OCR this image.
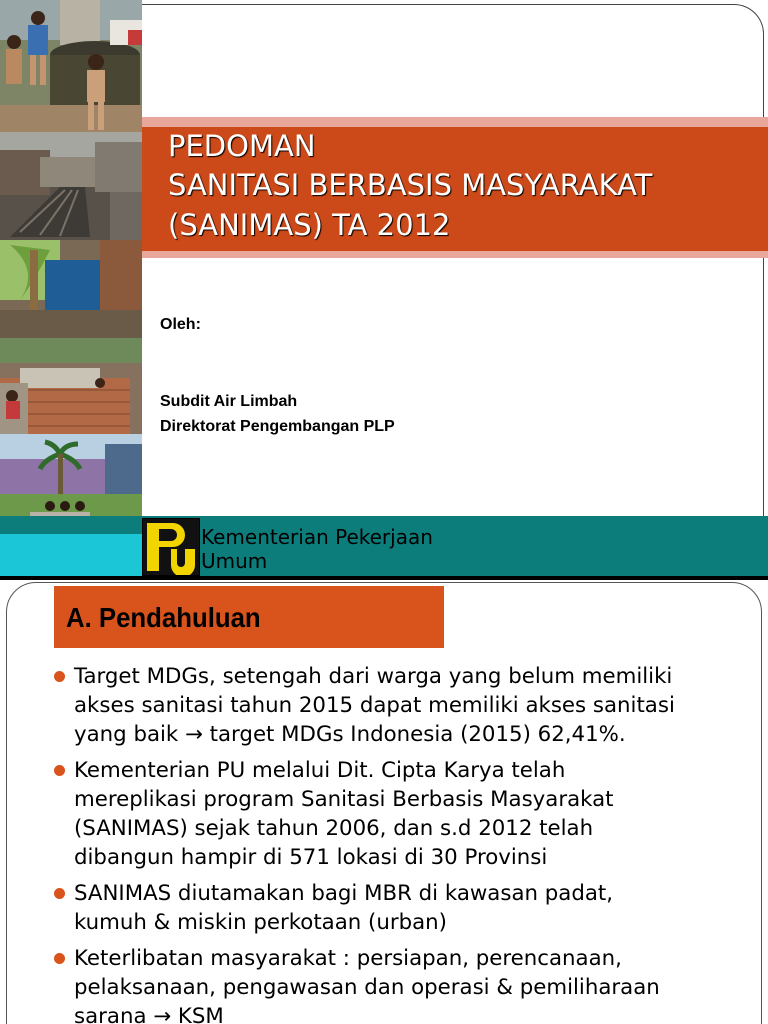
PEDOMAN
SANITASI BERBASIS MASYARAKAT
(SANIMAS) TA 2012
Oleh:
Subdit Air Limbah
Direktorat Pengembangan PLP
Kementerian Pekerjaan
Umum
A. Pendahuluan
Target MDGs, setengah dari warga yang belum memiliki
akses sanitasi tahun 2015 dapat memiliki akses sanitasi
yang baik → target MDGs Indonesia (2015) 62,41%.
Kementerian PU melalui Dit. Cipta Karya telah
mereplikasi program Sanitasi Berbasis Masyarakat
(SANIMAS) sejak tahun 2006, dan s.d 2012 telah
dibangun hampir di 571 lokasi di 30 Provinsi
SANIMAS diutamakan bagi MBR di kawasan padat,
kumuh & miskin perkotaan (urban)
Keterlibatan masyarakat : persiapan, perencanaan,
pelaksanaan, pengawasan dan operasi & pemiliharaan
sarana → KSM
